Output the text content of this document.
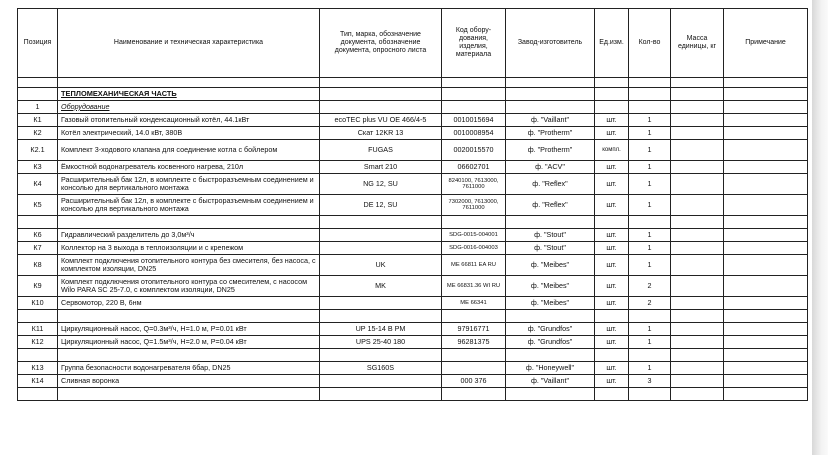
Позиция	Наименование и техническая характеристика	Тип, марка, обозначение документа, обозначение документа, опросного листа	Код обору- дования, изделия, материала	Завод-изготовитель	Ед.изм.	Кол-во	Масса единицы, кг	Примечание

	ТЕПЛОМЕХАНИЧЕСКАЯ ЧАСТЬ							
1	Оборудование							
К1	Газовый отопительный конденсационный котёл, 44.1кВт	ecoTEC plus VU OE 466/4-5	0010015694	ф. "Vaillant"	шт.	1		
К2	Котёл электрический, 14.0 кВт, 380В	Скат 12KR 13	0010008954	ф. "Protherm"	шт.	1		
К2.1	Комплект 3-ходового клапана для соединение котла с бойлером	FUGAS	0020015570	ф. "Protherm"	компл.	1		
К3	Ёмкостной водонагреватель косвенного нагрева, 210л	Smart 210	06602701	ф. "ACV"	шт.	1		
К4	Расширительный бак 12л, в комплекте с быстроразъемным соединением и консолью для вертикального монтажа	NG 12, SU	8240100, 7613000, 7611000	ф. "Reflex"	шт.	1		
К5	Расширительный бак 12л, в комплекте с быстроразъемным соединением и консолью для вертикального монтажа	DE 12, SU	7302000, 7613000, 7611000	ф. "Reflex"	шт.	1		

К6	Гидравлический разделитель до 3,0м³/ч		SDG-0015-004001	ф. "Stout"	шт.	1		
К7	Коллектор на 3 выхода в теплоизоляции и с крепежом		SDG-0016-004003	ф. "Stout"	шт.	1		
К8	Комплект подключения отопительного контура без смесителя, без насоса, с комплектом изоляции, DN25	UK	ME 66811 EA RU	ф. "Meibes"	шт.	1		
К9	Комплект подключения отопительного контура со смесителем, с насосом Wilo PARA SC 25-7.0, с комплектом изоляции, DN25	MK	ME 66831.36 WI RU	ф. "Meibes"	шт.	2		
К10	Сервомотор, 220 В, 6нм		ME 66341	ф. "Meibes"	шт.	2		

К11	Циркуляционный насос, Q=0.3м³/ч, H=1.0 м, P=0.01 кВт	UP 15-14 B PM	97916771	ф. "Grundfos"	шт.	1		
К12	Циркуляционный насос, Q=1.5м³/ч, H=2.0 м, P=0.04 кВт	UPS 25-40 180	96281375	ф. "Grundfos"	шт.	1		

К13	Группа безопасности водонагревателя 6бар, DN25	SG160S		ф. "Honeywell"	шт.	1		
К14	Сливная воронка		000 376	ф. "Vaillant"	шт.	3		
